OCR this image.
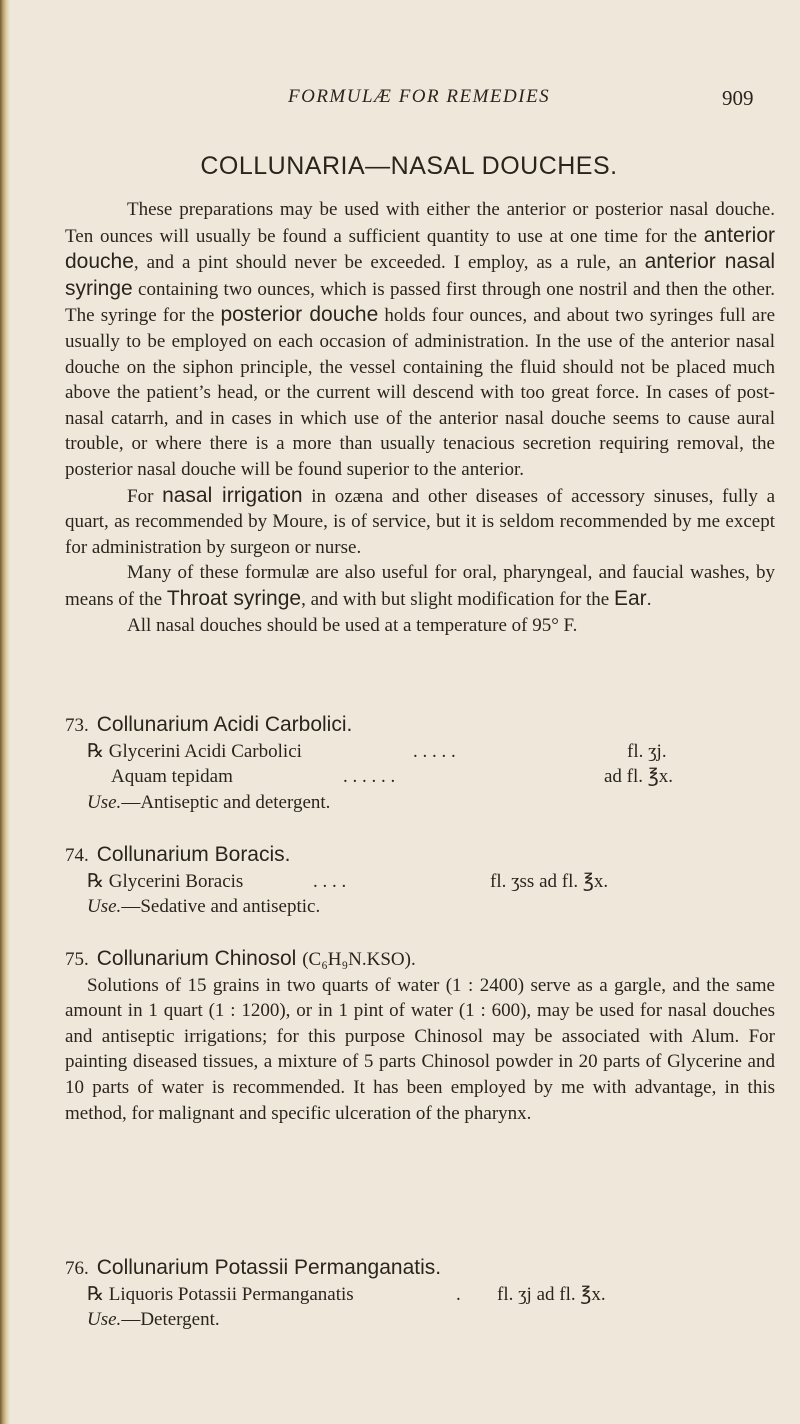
FORMULÆ FOR REMEDIES	909
COLLUNARIA—NASAL DOUCHES.

These preparations may be used with either the anterior or posterior nasal douche. Ten ounces will usually be found a sufficient quantity to use at one time for the anterior douche, and a pint should never be exceeded. I employ, as a rule, an anterior nasal syringe containing two ounces, which is passed first through one nostril and then the other. The syringe for the posterior douche holds four ounces, and about two syringes full are usually to be employed on each occasion of administration. In the use of the anterior nasal douche on the siphon principle, the vessel containing the fluid should not be placed much above the patient’s head, or the current will descend with too great force. In cases of post-nasal catarrh, and in cases in which use of the anterior nasal douche seems to cause aural trouble, or where there is a more than usually tenacious secretion requiring removal, the posterior nasal douche will be found superior to the anterior.

For nasal irrigation in ozæna and other diseases of accessory sinuses, fully a quart, as recommended by Moure, is of service, but it is seldom recommended by me except for administration by surgeon or nurse.

Many of these formulæ are also useful for oral, pharyngeal, and faucial washes, by means of the Throat syringe, and with but slight modification for the Ear.

All nasal douches should be used at a temperature of 95° F.

73. Collunarium Acidi Carbolici.

℞ Glycerini Acidi Carbolici	. . . . .	fl. ʒj.
Aquam tepidam	. . . . . .	ad fl. ℥x.
Use.—Antiseptic and detergent.

74. Collunarium Boracis.

℞ Glycerini Boracis	. . . .	fl. ʒss ad fl. ℥x.
Use.—Sedative and antiseptic.

75. Collunarium Chinosol (C₆H₉N.KSO).

Solutions of 15 grains in two quarts of water (1 : 2400) serve as a gargle, and the same amount in 1 quart (1 : 1200), or in 1 pint of water (1 : 600), may be used for nasal douches and antiseptic irrigations; for this purpose Chinosol may be associated with Alum. For painting diseased tissues, a mixture of 5 parts Chinosol powder in 20 parts of Glycerine and 10 parts of water is recommended. It has been employed by me with advantage, in this method, for malignant and specific ulceration of the pharynx.

76. Collunarium Potassii Permanganatis.

℞ Liquoris Potassii Permanganatis	. fl. ʒj ad fl. ℥x.
Use.—Detergent.
